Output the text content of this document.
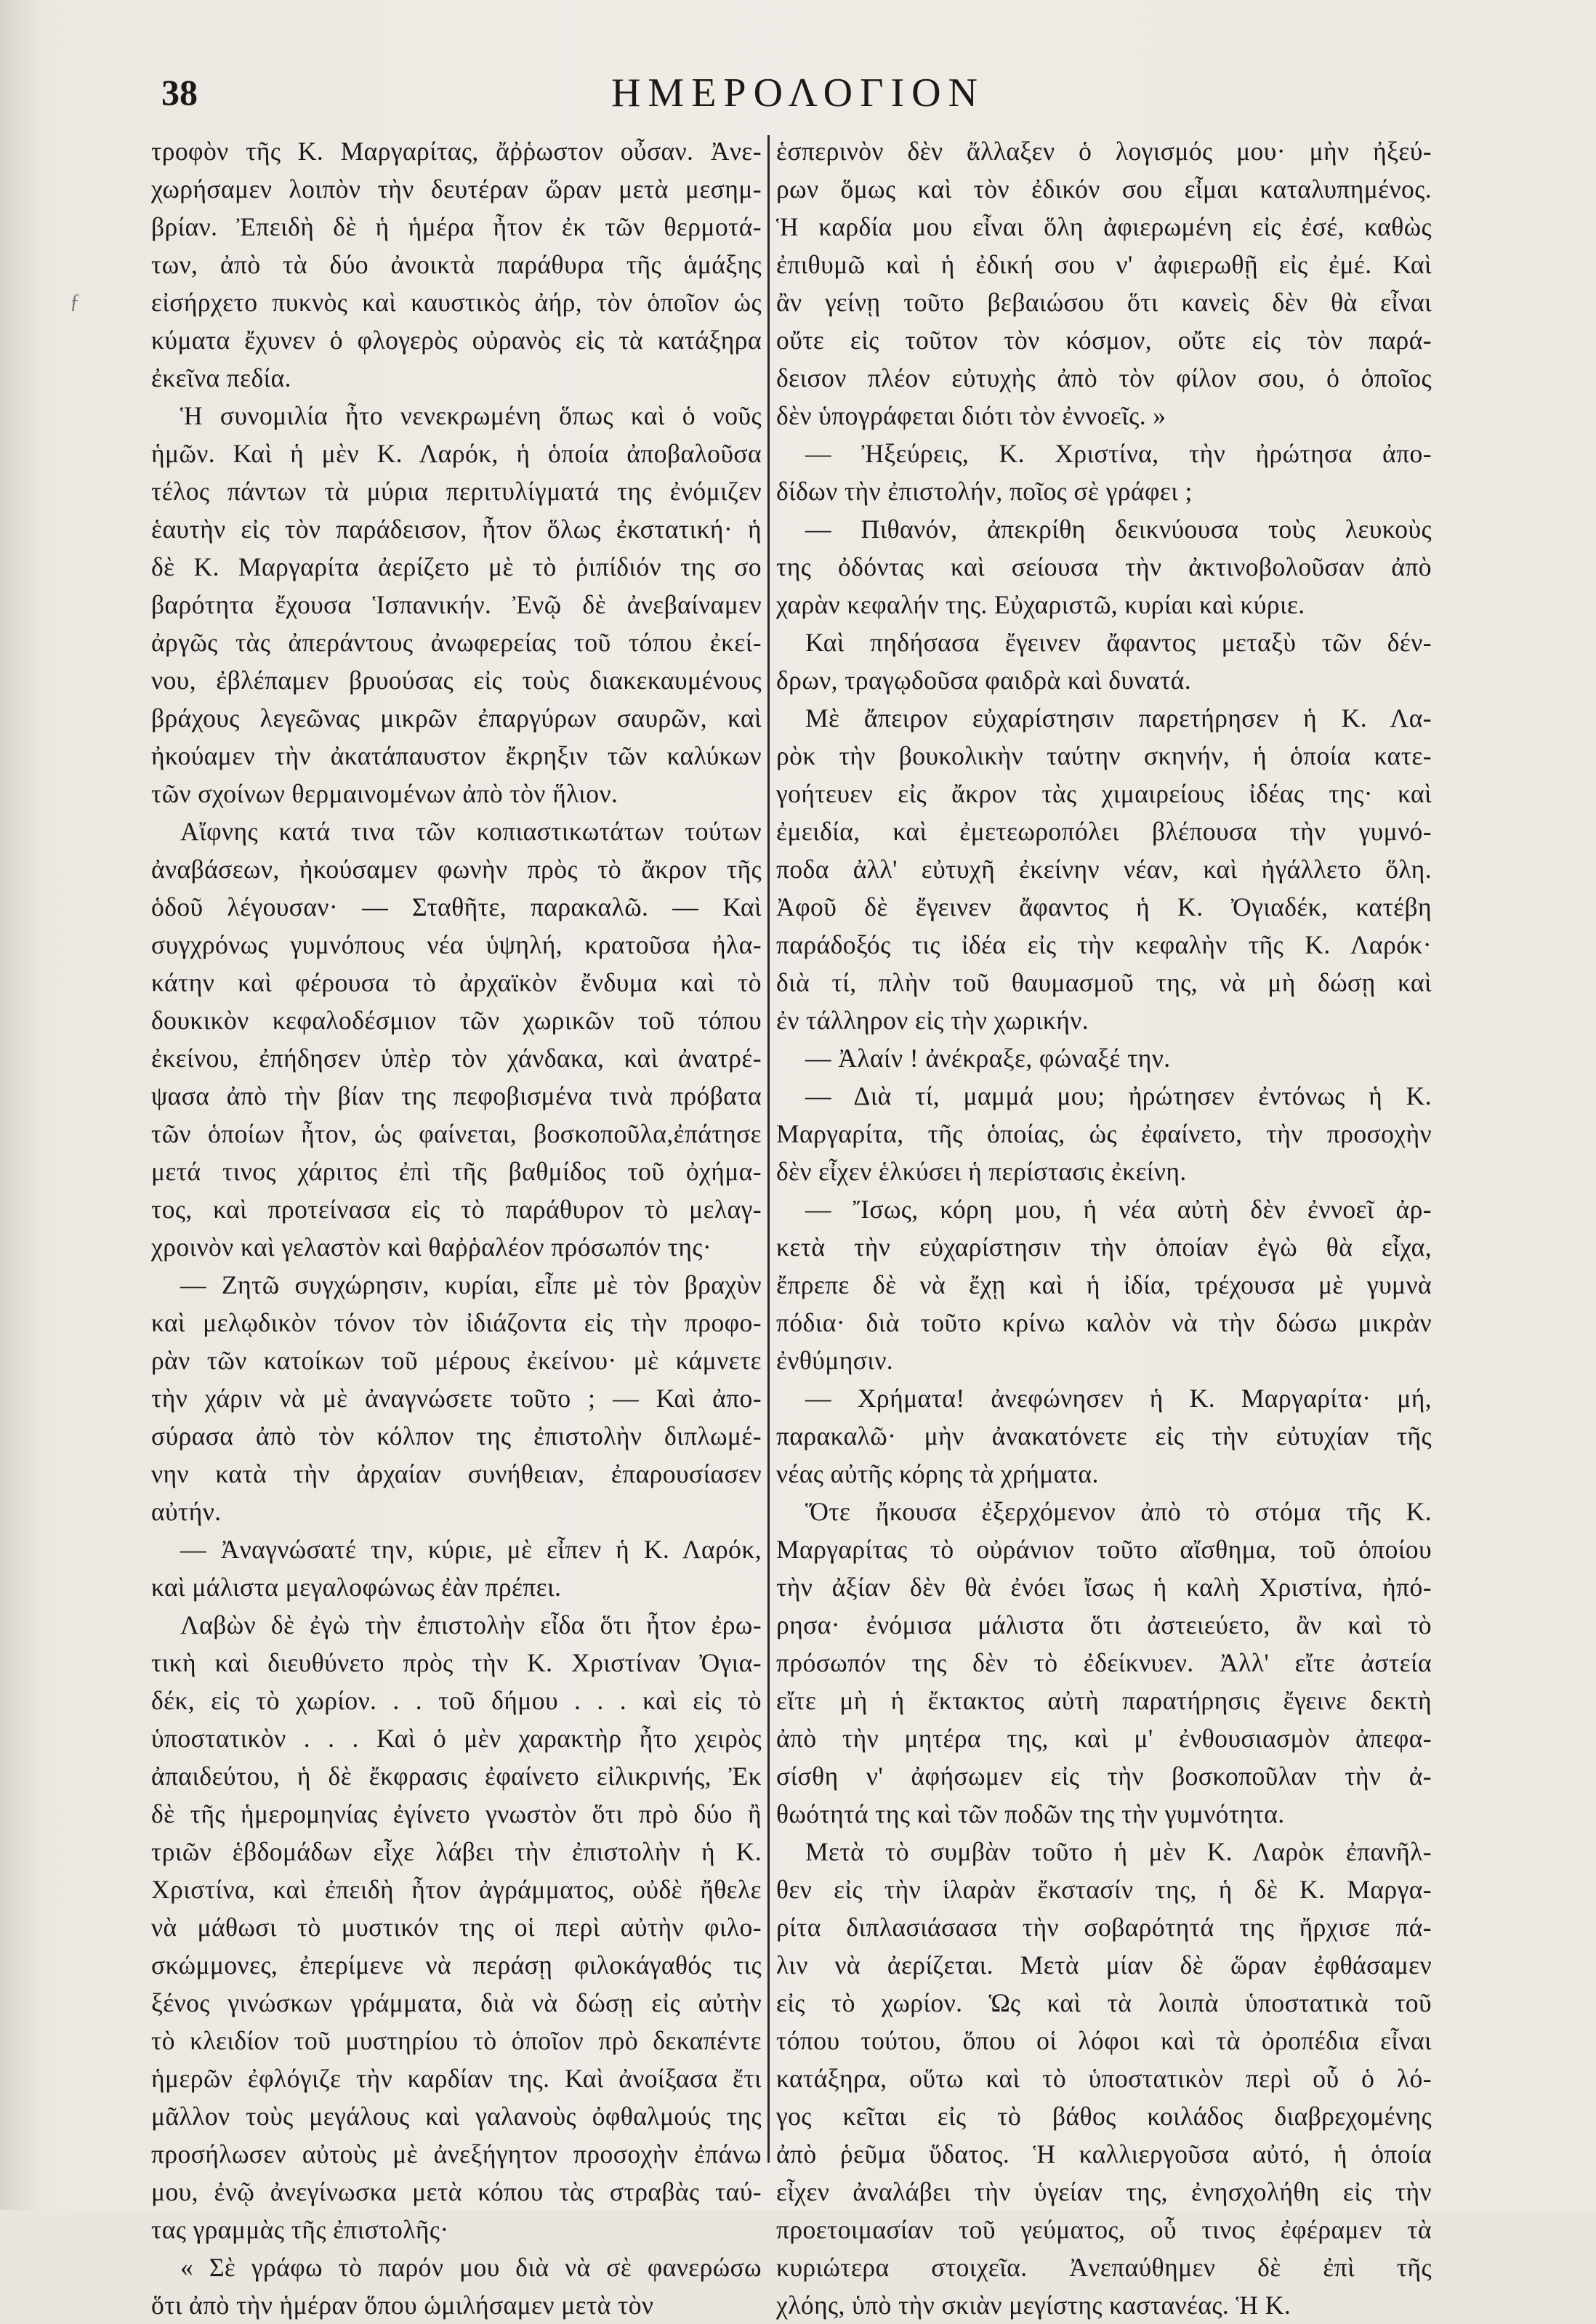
ƒ
38	ΗΜΕΡΟΛΟΓΙΟΝ
τροφὸν τῆς Κ. Μαργαρίτας, ἄῤῥωστον οὖσαν. Ἀνε-
χωρήσαμεν λοιπὸν τὴν δευτέραν ὥραν μετὰ μεσημ-
βρίαν. Ἐπειδὴ δὲ ἡ ἡμέρα ἦτον ἐκ τῶν θερμοτά-
των, ἀπὸ τὰ δύο ἀνοικτὰ παράθυρα τῆς ἁμάξης
εἰσήρχετο πυκνὸς καὶ καυστικὸς ἀήρ, τὸν ὁποῖον ὡς
κύματα ἔχυνεν ὁ φλογερὸς οὐρανὸς εἰς τὰ κατάξηρα
ἐκεῖνα πεδία.
Ἡ συνομιλία ἦτο νενεκρωμένη ὅπως καὶ ὁ νοῦς
ἡμῶν. Καὶ ἡ μὲν Κ. Λαρόκ, ἡ ὁποία ἀποβαλοῦσα
τέλος πάντων τὰ μύρια περιτυλίγματά της ἐνόμιζεν
ἑαυτὴν εἰς τὸν παράδεισον, ἦτον ὅλως ἐκστατική· ἡ
δὲ Κ. Μαργαρίτα ἀερίζετο μὲ τὸ ῥιπίδιόν της σο
βαρότητα ἔχουσα Ἱσπανικήν. Ἐνῷ δὲ ἀνεβαίναμεν
ἀργῶς τὰς ἀπεράντους ἀνωφερείας τοῦ τόπου ἐκεί-
νου, ἐβλέπαμεν βρυούσας εἰς τοὺς διακεκαυμένους
βράχους λεγεῶνας μικρῶν ἐπαργύρων σαυρῶν, καὶ
ἠκούαμεν τὴν ἀκατάπαυστον ἔκρηξιν τῶν καλύκων
τῶν σχοίνων θερμαινομένων ἀπὸ τὸν ἥλιον.
Αἴφνης κατά τινα τῶν κοπιαστικωτάτων τούτων
ἀναβάσεων, ἠκούσαμεν φωνὴν πρὸς τὸ ἄκρον τῆς
ὁδοῦ λέγουσαν· — Σταθῆτε, παρακαλῶ. — Καὶ
συγχρόνως γυμνόπους νέα ὑψηλή, κρατοῦσα ἠλα-
κάτην καὶ φέρουσα τὸ ἀρχαϊκὸν ἔνδυμα καὶ τὸ
δουκικὸν κεφαλοδέσμιον τῶν χωρικῶν τοῦ τόπου
ἐκείνου, ἐπήδησεν ὑπὲρ τὸν χάνδακα, καὶ ἀνατρέ-
ψασα ἀπὸ τὴν βίαν της πεφοβισμένα τινὰ πρόβατα
τῶν ὁποίων ἦτον, ὡς φαίνεται, βοσκοποῦλα,ἐπάτησε
μετά τινος χάριτος ἐπὶ τῆς βαθμίδος τοῦ ὀχήμα-
τος, καὶ προτείνασα εἰς τὸ παράθυρον τὸ μελαγ-
χροινὸν καὶ γελαστὸν καὶ θαῤῥαλέον πρόσωπόν της·
— Ζητῶ συγχώρησιν, κυρίαι, εἶπε μὲ τὸν βραχὺν
καὶ μελῳδικὸν τόνον τὸν ἰδιάζοντα εἰς τὴν προφο-
ρὰν τῶν κατοίκων τοῦ μέρους ἐκείνου· μὲ κάμνετε
τὴν χάριν νὰ μὲ ἀναγνώσετε τοῦτο ; — Καὶ ἀπο-
σύρασα ἀπὸ τὸν κόλπον της ἐπιστολὴν διπλωμέ-
νην κατὰ τὴν ἀρχαίαν συνήθειαν, ἐπαρουσίασεν
αὐτήν.
— Ἀναγνώσατέ την, κύριε, μὲ εἶπεν ἡ Κ. Λαρόκ,
καὶ μάλιστα μεγαλοφώνως ἐὰν πρέπει.
Λαβὼν δὲ ἐγὼ τὴν ἐπιστολὴν εἶδα ὅτι ἦτον ἐρω-
τικὴ καὶ διευθύνετο πρὸς τὴν Κ. Χριστίναν Ὀγια-
δέκ, εἰς τὸ χωρίον. . . τοῦ δήμου . . . καὶ εἰς τὸ
ὑποστατικὸν . . . Καὶ ὁ μὲν χαρακτὴρ ἦτο χειρὸς
ἀπαιδεύτου, ἡ δὲ ἔκφρασις ἐφαίνετο εἰλικρινής, Ἐκ
δὲ τῆς ἡμερομηνίας ἐγίνετο γνωστὸν ὅτι πρὸ δύο ἢ
τριῶν ἑβδομάδων εἶχε λάβει τὴν ἐπιστολὴν ἡ Κ.
Χριστίνα, καὶ ἐπειδὴ ἦτον ἀγράμματος, οὐδὲ ἤθελε
νὰ μάθωσι τὸ μυστικόν της οἱ περὶ αὐτὴν φιλο-
σκώμμονες, ἐπερίμενε νὰ περάσῃ φιλοκάγαθός τις
ξένος γινώσκων γράμματα, διὰ νὰ δώσῃ εἰς αὐτὴν
τὸ κλειδίον τοῦ μυστηρίου τὸ ὁποῖον πρὸ δεκαπέντε
ἡμερῶν ἐφλόγιζε τὴν καρδίαν της. Καὶ ἀνοίξασα ἔτι
μᾶλλον τοὺς μεγάλους καὶ γαλανοὺς ὀφθαλμούς της
προσήλωσεν αὐτοὺς μὲ ἀνεξήγητον προσοχὴν ἐπάνω
μου, ἐνῷ ἀνεγίνωσκα μετὰ κόπου τὰς στραβὰς ταύ-
τας γραμμὰς τῆς ἐπιστολῆς·
« Σὲ γράφω τὸ παρόν μου διὰ νὰ σὲ φανερώσω
ὅτι ἀπὸ τὴν ἡμέραν ὅπου ὡμιλήσαμεν μετὰ τὸν
ἑσπερινὸν δὲν ἄλλαξεν ὁ λογισμός μου· μὴν ἠξεύ-
ρων ὅμως καὶ τὸν ἐδικόν σου εἶμαι καταλυπημένος.
Ἡ καρδία μου εἶναι ὅλη ἀφιερωμένη εἰς ἐσέ, καθὼς
ἐπιθυμῶ καὶ ἡ ἐδική σου ν' ἀφιερωθῇ εἰς ἐμέ. Καὶ
ἂν γείνῃ τοῦτο βεβαιώσου ὅτι κανεὶς δὲν θὰ εἶναι
οὔτε εἰς τοῦτον τὸν κόσμον, οὔτε εἰς τὸν παρά-
δεισον πλέον εὐτυχὴς ἀπὸ τὸν φίλον σου, ὁ ὁποῖος
δὲν ὑπογράφεται διότι τὸν ἐννοεῖς. »
— Ἠξεύρεις, Κ. Χριστίνα, τὴν ἠρώτησα ἀπο-
δίδων τὴν ἐπιστολήν, ποῖος σὲ γράφει ;
— Πιθανόν, ἀπεκρίθη δεικνύουσα τοὺς λευκοὺς
της ὀδόντας καὶ σείουσα τὴν ἀκτινοβολοῦσαν ἀπὸ
χαρὰν κεφαλήν της. Εὐχαριστῶ, κυρίαι καὶ κύριε.
Καὶ πηδήσασα ἔγεινεν ἄφαντος μεταξὺ τῶν δέν-
δρων, τραγῳδοῦσα φαιδρὰ καὶ δυνατά.
Μὲ ἄπειρον εὐχαρίστησιν παρετήρησεν ἡ Κ. Λα-
ρὸκ τὴν βουκολικὴν ταύτην σκηνήν, ἡ ὁποία κατε-
γοήτευεν εἰς ἄκρον τὰς χιμαιρείους ἰδέας της· καὶ
ἐμειδία, καὶ ἐμετεωροπόλει βλέπουσα τὴν γυμνό-
ποδα ἀλλ' εὐτυχῆ ἐκείνην νέαν, καὶ ἠγάλλετο ὅλη.
Ἀφοῦ δὲ ἔγεινεν ἄφαντος ἡ Κ. Ὀγιαδέκ, κατέβη
παράδοξός τις ἰδέα εἰς τὴν κεφαλὴν τῆς Κ. Λαρόκ·
διὰ τί, πλὴν τοῦ θαυμασμοῦ της, νὰ μὴ δώσῃ καὶ
ἐν τάλληρον εἰς τὴν χωρικήν.
— Ἀλαίν ! ἀνέκραξε, φώναξέ την.
— Διὰ τί, μαμμά μου; ἠρώτησεν ἐντόνως ἡ Κ.
Μαργαρίτα, τῆς ὁποίας, ὡς ἐφαίνετο, τὴν προσοχὴν
δὲν εἶχεν ἑλκύσει ἡ περίστασις ἐκείνη.
— Ἴσως, κόρη μου, ἡ νέα αὐτὴ δὲν ἐννοεῖ ἀρ-
κετὰ τὴν εὐχαρίστησιν τὴν ὁποίαν ἐγὼ θὰ εἶχα,
ἔπρεπε δὲ νὰ ἔχῃ καὶ ἡ ἰδία, τρέχουσα μὲ γυμνὰ
πόδια· διὰ τοῦτο κρίνω καλὸν νὰ τὴν δώσω μικρὰν
ἐνθύμησιν.
— Χρήματα! ἀνεφώνησεν ἡ Κ. Μαργαρίτα· μή,
παρακαλῶ· μὴν ἀνακατόνετε εἰς τὴν εὐτυχίαν τῆς
νέας αὐτῆς κόρης τὰ χρήματα.
Ὅτε ἤκουσα ἐξερχόμενον ἀπὸ τὸ στόμα τῆς Κ.
Μαργαρίτας τὸ οὐράνιον τοῦτο αἴσθημα, τοῦ ὁποίου
τὴν ἀξίαν δὲν θὰ ἐνόει ἴσως ἡ καλὴ Χριστίνα, ἠπό-
ρησα· ἐνόμισα μάλιστα ὅτι ἀστειεύετο, ἂν καὶ τὸ
πρόσωπόν της δὲν τὸ ἐδείκνυεν. Ἀλλ' εἴτε ἀστεία
εἴτε μὴ ἡ ἔκτακτος αὐτὴ παρατήρησις ἔγεινε δεκτὴ
ἀπὸ τὴν μητέρα της, καὶ μ' ἐνθουσιασμὸν ἀπεφα-
σίσθη ν' ἀφήσωμεν εἰς τὴν βοσκοποῦλαν τὴν ἀ-
θωότητά της καὶ τῶν ποδῶν της τὴν γυμνότητα.
Μετὰ τὸ συμβὰν τοῦτο ἡ μὲν Κ. Λαρὸκ ἐπανῆλ-
θεν εἰς τὴν ἱλαρὰν ἔκστασίν της, ἡ δὲ Κ. Μαργα-
ρίτα διπλασιάσασα τὴν σοβαρότητά της ἤρχισε πά-
λιν νὰ ἀερίζεται. Μετὰ μίαν δὲ ὥραν ἐφθάσαμεν
εἰς τὸ χωρίον. Ὡς καὶ τὰ λοιπὰ ὑποστατικὰ τοῦ
τόπου τούτου, ὅπου οἱ λόφοι καὶ τὰ ὀροπέδια εἶναι
κατάξηρα, οὕτω καὶ τὸ ὑποστατικὸν περὶ οὗ ὁ λό-
γος κεῖται εἰς τὸ βάθος κοιλάδος διαβρεχομένης
ἀπὸ ῥεῦμα ὕδατος. Ἡ καλλιεργοῦσα αὐτό, ἡ ὁποία
εἶχεν ἀναλάβει τὴν ὑγείαν της, ἐνησχολήθη εἰς τὴν
προετοιμασίαν τοῦ γεύματος, οὗ τινος ἐφέραμεν τὰ
κυριώτερα στοιχεῖα. Ἀνεπαύθημεν δὲ ἐπὶ τῆς
χλόης, ὑπὸ τὴν σκιὰν μεγίστης καστανέας. Ἡ Κ.
